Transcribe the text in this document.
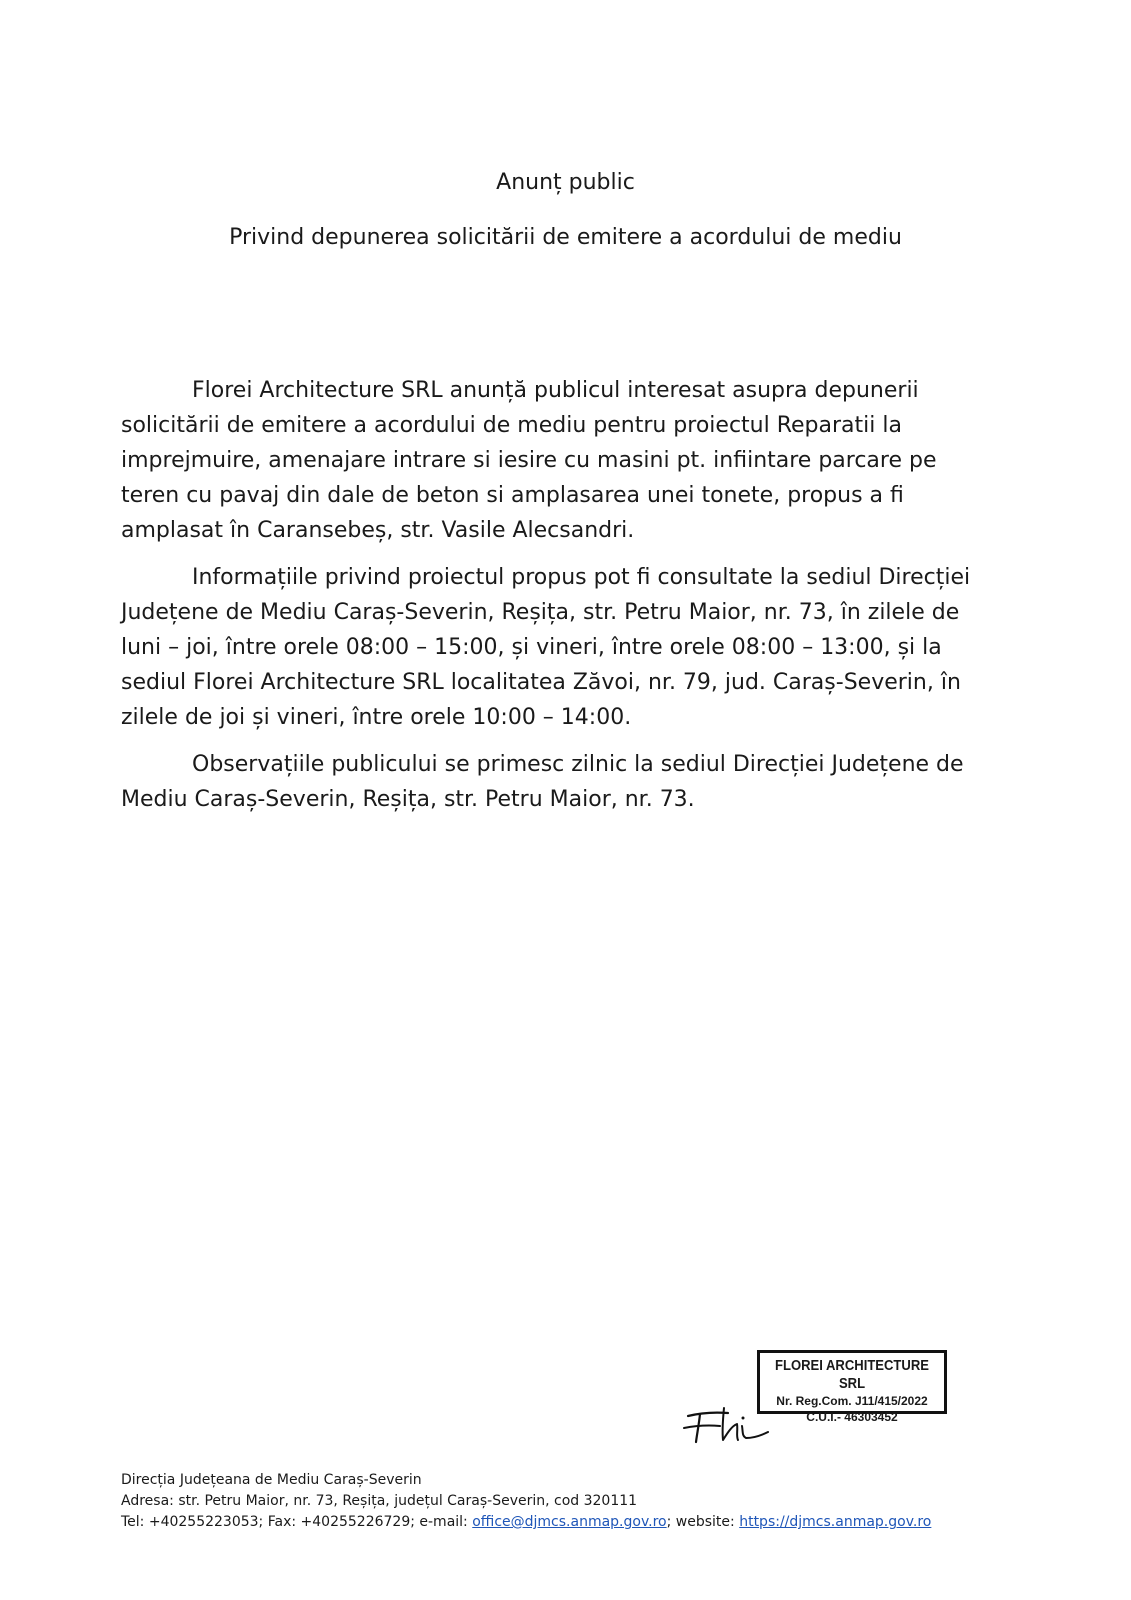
Anunț public
Privind depunerea solicitării de emitere a acordului de mediu

Florei Architecture SRL anunță publicul interesat asupra depunerii solicitării de emitere a acordului de mediu pentru proiectul Reparatii la imprejmuire, amenajare intrare si iesire cu masini pt. infiintare parcare pe teren cu pavaj din dale de beton si amplasarea unei tonete, propus a fi amplasat în Caransebeș, str. Vasile Alecsandri.

Informațiile privind proiectul propus pot fi consultate la sediul Direcției Județene de Mediu Caraș-Severin, Reșița, str. Petru Maior, nr. 73, în zilele de luni – joi, între orele 08:00 – 15:00, și vineri, între orele 08:00 – 13:00, și la sediul Florei Architecture SRL localitatea Zăvoi, nr. 79, jud. Caraș-Severin, în zilele de joi și vineri, între orele 10:00 – 14:00.

Observațiile publicului se primesc zilnic la sediul Direcției Județene de Mediu Caraș-Severin, Reșița, str. Petru Maior, nr. 73.

FLOREI ARCHITECTURE SRL
Nr. Reg.Com. J11/415/2022
C.U.I.- 46303452
Direcția Județeana de Mediu Caraș-Severin
Adresa: str. Petru Maior, nr. 73, Reșița, județul Caraș-Severin, cod 320111
Tel: +40255223053; Fax: +40255226729; e-mail: office@djmcs.anmap.gov.ro; website: https://djmcs.anmap.gov.ro
